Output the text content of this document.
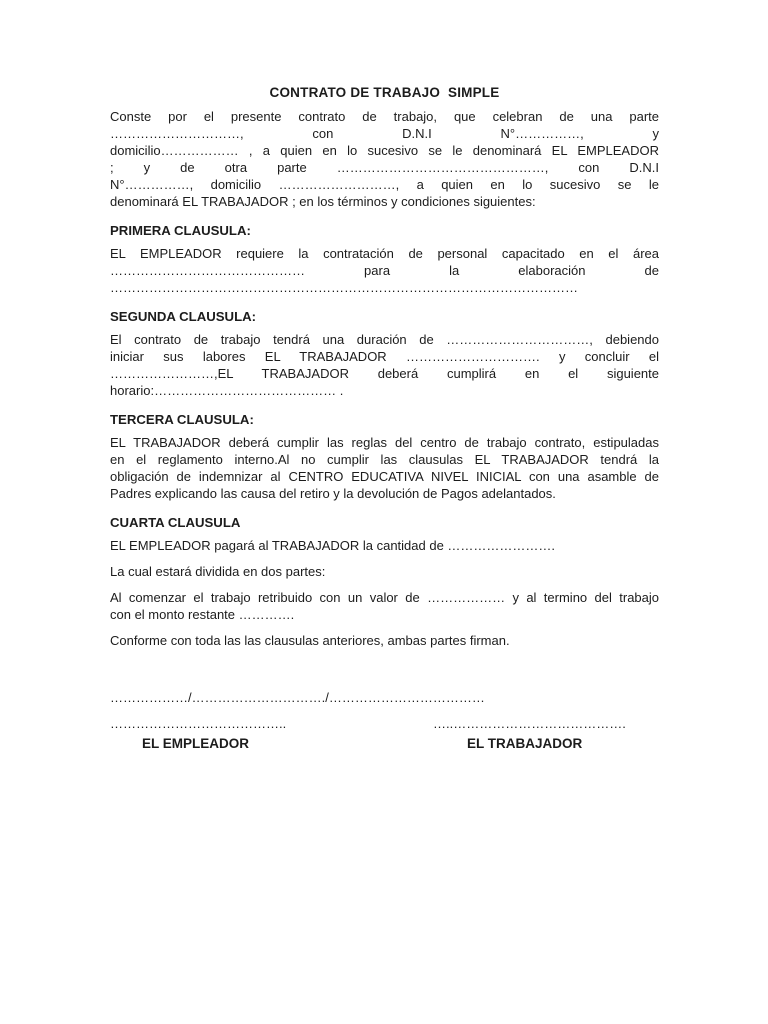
CONTRATO DE TRABAJO  SIMPLE
Conste por el presente contrato de trabajo, que celebran de una parte
…………………………, con D.N.I N°……………, y
domicilio……………… , a quien en lo sucesivo se le denominará EL EMPLEADOR
; y de otra parte …………………………………………, con D.N.I
N°……………, domicilio ………………………, a quien en lo sucesivo se le
denominará EL TRABAJADOR ; en los términos y condiciones siguientes:
PRIMERA CLAUSULA:
EL EMPLEADOR requiere la contratación de personal capacitado en el área
……………………………………… para la elaboración de
………………………………………………………………………………………………
SEGUNDA CLAUSULA:
El contrato de trabajo tendrá una duración de ……………………………, debiendo
iniciar sus labores EL TRABAJADOR …………………………. y concluir el
……………………,EL TRABAJADOR deberá cumplirá en el siguiente
horario:…………………………………… .
TERCERA CLAUSULA:
EL TRABAJADOR deberá cumplir las reglas del centro de trabajo contrato, estipuladas
en el reglamento interno.Al no cumplir las clausulas EL TRABAJADOR tendrá la
obligación de indemnizar al CENTRO EDUCATIVA NIVEL INICIAL con una asamble de
Padres explicando las causa del retiro y la devolución de Pagos adelantados.
CUARTA CLAUSULA
EL EMPLEADOR pagará al TRABAJADOR la cantidad de …………………….
La cual estará dividida en dos partes:
Al comenzar el trabajo retribuido con un valor de ……………… y al termino del trabajo
con el monto restante ………….
Conforme con toda las las clausulas anteriores, ambas partes firman.
………………/…………………………./………………………………
…………………………………..	…..………………………………….
EL EMPLEADOR	EL TRABAJADOR
